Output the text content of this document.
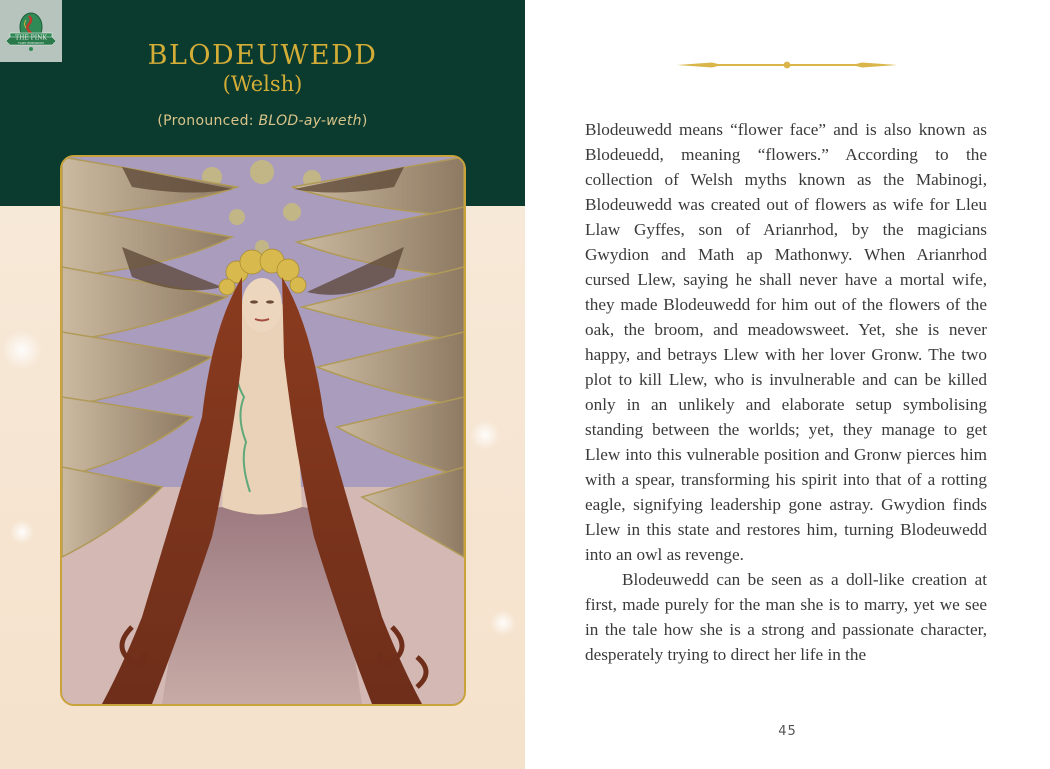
THE PINK
FAIRY EMPORIUM	BLODEUWEDD
(Welsh)
(Pronounced: BLOD-ay-weth)	Blodeuwedd means “flower face” and is also known as Blodeuedd, meaning “flowers.” According to the collection of Welsh myths known as the Mabinogi, Blodeuwedd was created out of flowers as wife for Lleu Llaw Gyffes, son of Arianrhod, by the magicians Gwydion and Math ap Mathonwy. When Arianrhod cursed Llew, saying he shall never have a mortal wife, they made Blodeuwedd for him out of the flowers of the oak, the broom, and meadowsweet. Yet, she is never happy, and betrays Llew with her lover Gronw. The two plot to kill Llew, who is invulnerable and can be killed only in an unlikely and elaborate setup symbolising standing between the worlds; yet, they manage to get Llew into this vulnerable position and Gronw pierces him with a spear, transforming his spirit into that of a rotting eagle, signifying leadership gone astray. Gwydion finds Llew in this state and restores him, turning Blodeuwedd into an owl as revenge.

Blodeuwedd can be seen as a doll-like creation at first, made purely for the man she is to marry, yet we see in the tale how she is a strong and passionate character, desperately trying to direct her life in the

45
